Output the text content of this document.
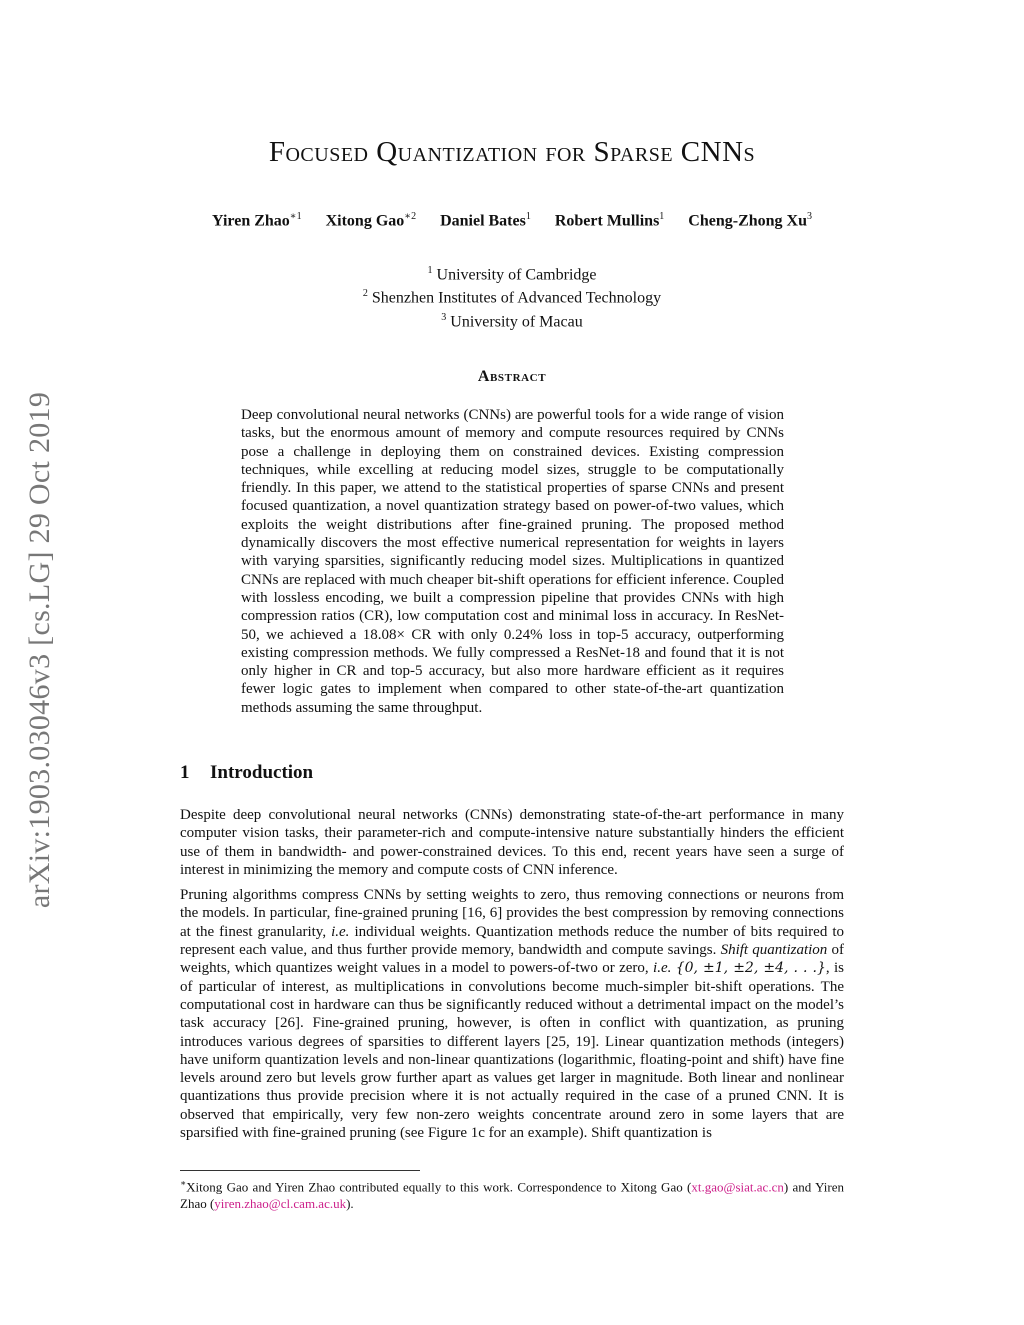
arXiv:1903.03046v3 [cs.LG] 29 Oct 2019
Focused Quantization for Sparse CNNs
Yiren Zhao$^{∗1}$ Xitong Gao$^{∗2}$ Daniel Bates$^1$ Robert Mullins$^1$ Cheng-Zhong Xu$^3$
$^1$ University of Cambridge
$^2$ Shenzhen Institutes of Advanced Technology
$^3$ University of Macau
Abstract
Deep convolutional neural networks (CNNs) are powerful tools for a wide range of vision tasks, but the enormous amount of memory and compute resources required by CNNs pose a challenge in deploying them on constrained devices. Existing compression techniques, while excelling at reducing model sizes, struggle to be computationally friendly. In this paper, we attend to the statistical properties of sparse CNNs and present focused quantization, a novel quantization strategy based on power-of-two values, which exploits the weight distributions after fine-grained pruning. The proposed method dynamically discovers the most effective numerical representation for weights in layers with varying sparsities, significantly reducing model sizes. Multiplications in quantized CNNs are replaced with much cheaper bit-shift operations for efficient inference. Coupled with lossless encoding, we built a compression pipeline that provides CNNs with high compression ratios (CR), low computation cost and minimal loss in accuracy. In ResNet-50, we achieved a 18.08× CR with only 0.24% loss in top-5 accuracy, outperforming existing compression methods. We fully compressed a ResNet-18 and found that it is not only higher in CR and top-5 accuracy, but also more hardware efficient as it requires fewer logic gates to implement when compared to other state-of-the-art quantization methods assuming the same throughput.
1 Introduction

Despite deep convolutional neural networks (CNNs) demonstrating state-of-the-art performance in many computer vision tasks, their parameter-rich and compute-intensive nature substantially hinders the efficient use of them in bandwidth- and power-constrained devices. To this end, recent years have seen a surge of interest in minimizing the memory and compute costs of CNN inference.

Pruning algorithms compress CNNs by setting weights to zero, thus removing connections or neurons from the models. In particular, fine-grained pruning [16, 6] provides the best compression by removing connections at the finest granularity, i.e. individual weights. Quantization methods reduce the number of bits required to represent each value, and thus further provide memory, bandwidth and compute savings. Shift quantization of weights, which quantizes weight values in a model to powers-of-two or zero, i.e. {0, ±1, ±2, ±4, . . .}, is of particular of interest, as multiplications in convolutions become much-simpler bit-shift operations. The computational cost in hardware can thus be significantly reduced without a detrimental impact on the model’s task accuracy [26]. Fine-grained pruning, however, is often in conflict with quantization, as pruning introduces various degrees of sparsities to different layers [25, 19]. Linear quantization methods (integers) have uniform quantization levels and non-linear quantizations (logarithmic, floating-point and shift) have fine levels around zero but levels grow further apart as values get larger in magnitude. Both linear and nonlinear quantizations thus provide precision where it is not actually required in the case of a pruned CNN. It is observed that empirically, very few non-zero weights concentrate around zero in some layers that are sparsified with fine-grained pruning (see Figure 1c for an example). Shift quantization is

∗Xitong Gao and Yiren Zhao contributed equally to this work. Correspondence to Xitong Gao (xt.gao@siat.ac.cn) and Yiren Zhao (yiren.zhao@cl.cam.ac.uk).
